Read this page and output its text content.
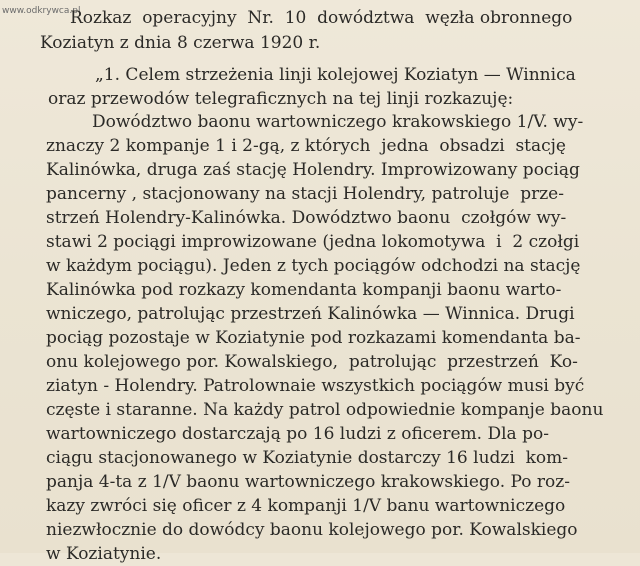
www.odkrywca.pl
Rozkaz  operacyjny  Nr.  10  dowództwa  węzła obronnego
Koziatyn z dnia 8 czerwa 1920 r.
„1. Celem strzeżenia linji kolejowej Koziatyn — Winnica
oraz przewodów telegraficznych na tej linji rozkazuję:
Dowództwo baonu wartowniczego krakowskiego 1/V. wy-
znaczy 2 kompanje 1 i 2-gą, z których  jedna  obsadzi  stację
Kalinówka, druga zaś stację Holendry. Improwizowany pociąg
pancerny , stacjonowany na stacji Holendry, patroluje  prze-
strzeń Holendry-Kalinówka. Dowództwo baonu  czołgów wy-
stawi 2 pociągi improwizowane (jedna lokomotywa  i  2 czołgi
w każdym pociągu). Jeden z tych pociągów odchodzi na stację
Kalinówka pod rozkazy komendanta kompanji baonu warto-
wniczego, patrolując przestrzeń Kalinówka — Winnica. Drugi
pociąg pozostaje w Koziatynie pod rozkazami komendanta ba-
onu kolejowego por. Kowalskiego,  patrolując  przestrzeń  Ko-
ziatyn - Holendry. Patrolownaie wszystkich pociągów musi być
częste i staranne. Na każdy patrol odpowiednie kompanje baonu
wartowniczego dostarczają po 16 ludzi z oficerem. Dla po-
ciągu stacjonowanego w Koziatynie dostarczy 16 ludzi  kom-
panja 4-ta z 1/V baonu wartowniczego krakowskiego. Po roz-
kazy zwróci się oficer z 4 kompanji 1/V banu wartowniczego
niezwłocznie do dowódcy baonu kolejowego por. Kowalskiego
w Koziatynie.
